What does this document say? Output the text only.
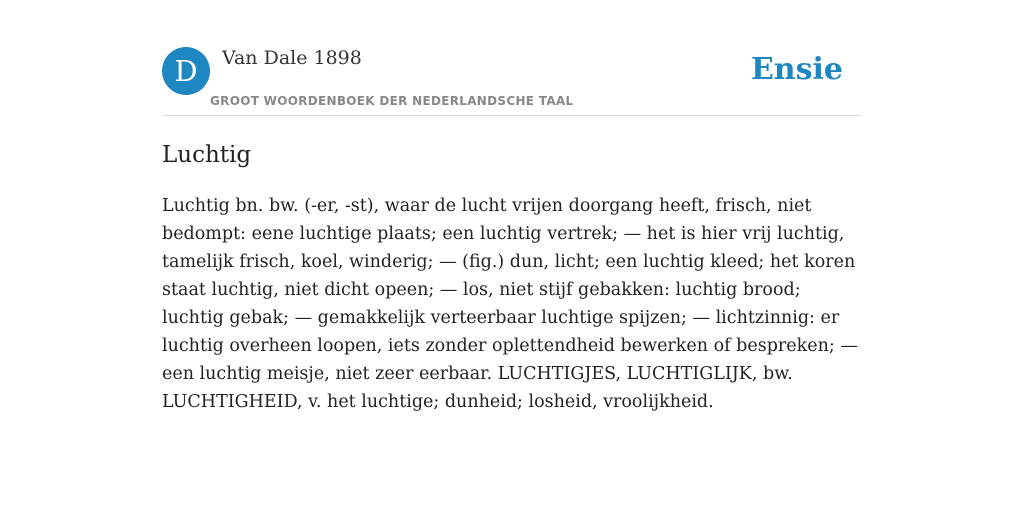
D	Van Dale 1898
GROOT WOORDENBOEK DER NEDERLANDSCHE TAAL
Ensie
Luchtig

Luchtig bn. bw. (-er, -st), waar de lucht vrijen doorgang heeft, frisch, niet bedompt: eene luchtige plaats; een luchtig vertrek; — het is hier vrij luchtig, tamelijk frisch, koel, winderig; — (fig.) dun, licht; een luchtig kleed; het koren staat luchtig, niet dicht opeen; — los, niet stijf gebakken: luchtig brood; luchtig gebak; — gemakkelijk verteerbaar luchtige spijzen; — lichtzinnig: er luchtig overheen loopen, iets zonder oplettendheid bewerken of bespreken; — een luchtig meisje, niet zeer eerbaar. LUCHTIGJES, LUCHTIGLIJK, bw. LUCHTIGHEID, v. het luchtige; dunheid; losheid, vroolijkheid.
